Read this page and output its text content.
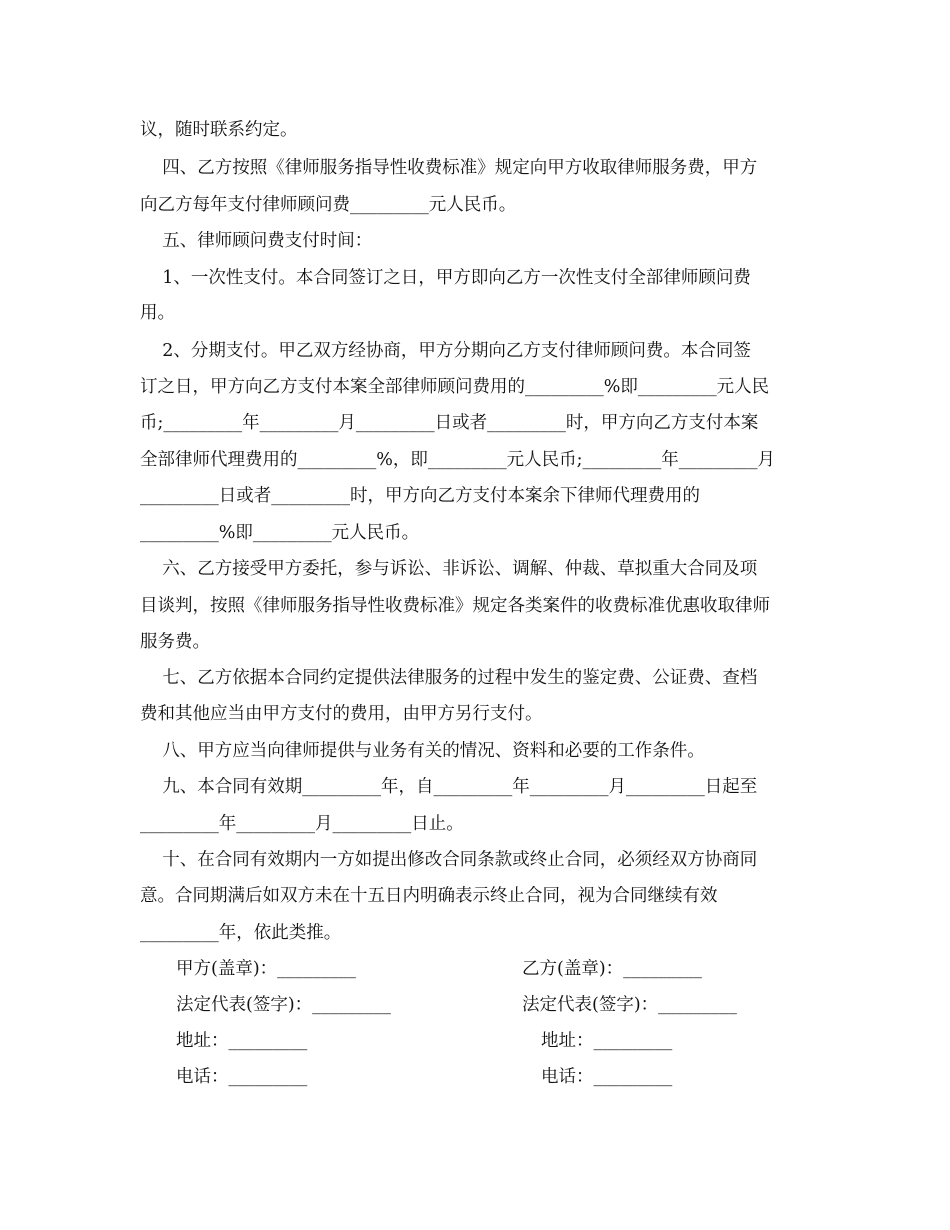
议，随时联系约定。
四、乙方按照《律师服务指导性收费标准》规定向甲方收取律师服务费，甲方
向乙方每年支付律师顾问费_________元人民币。
五、律师顾问费支付时间：
1、一次性支付。本合同签订之日，甲方即向乙方一次性支付全部律师顾问费
用。
2、分期支付。甲乙双方经协商，甲方分期向乙方支付律师顾问费。本合同签
订之日，甲方向乙方支付本案全部律师顾问费用的_________%即_________元人民
币;_________年_________月_________日或者_________时，甲方向乙方支付本案
全部律师代理费用的_________%，即_________元人民币;_________年_________月
_________日或者_________时，甲方向乙方支付本案余下律师代理费用的
_________%即_________元人民币。
六、乙方接受甲方委托，参与诉讼、非诉讼、调解、仲裁、草拟重大合同及项
目谈判，按照《律师服务指导性收费标准》规定各类案件的收费标准优惠收取律师
服务费。
七、乙方依据本合同约定提供法律服务的过程中发生的鉴定费、公证费、查档
费和其他应当由甲方支付的费用，由甲方另行支付。
八、甲方应当向律师提供与业务有关的情况、资料和必要的工作条件。
九、本合同有效期_________年，自_________年_________月_________日起至
_________年_________月_________日止。
十、在合同有效期内一方如提出修改合同条款或终止合同，必须经双方协商同
意。合同期满后如双方未在十五日内明确表示终止合同，视为合同继续有效
_________年，依此类推。
甲方(盖章)：_________	乙方(盖章)：_________
法定代表(签字)：_________	法定代表(签字)：_________
地址：_________	地址：_________
电话：_________	电话：_________
